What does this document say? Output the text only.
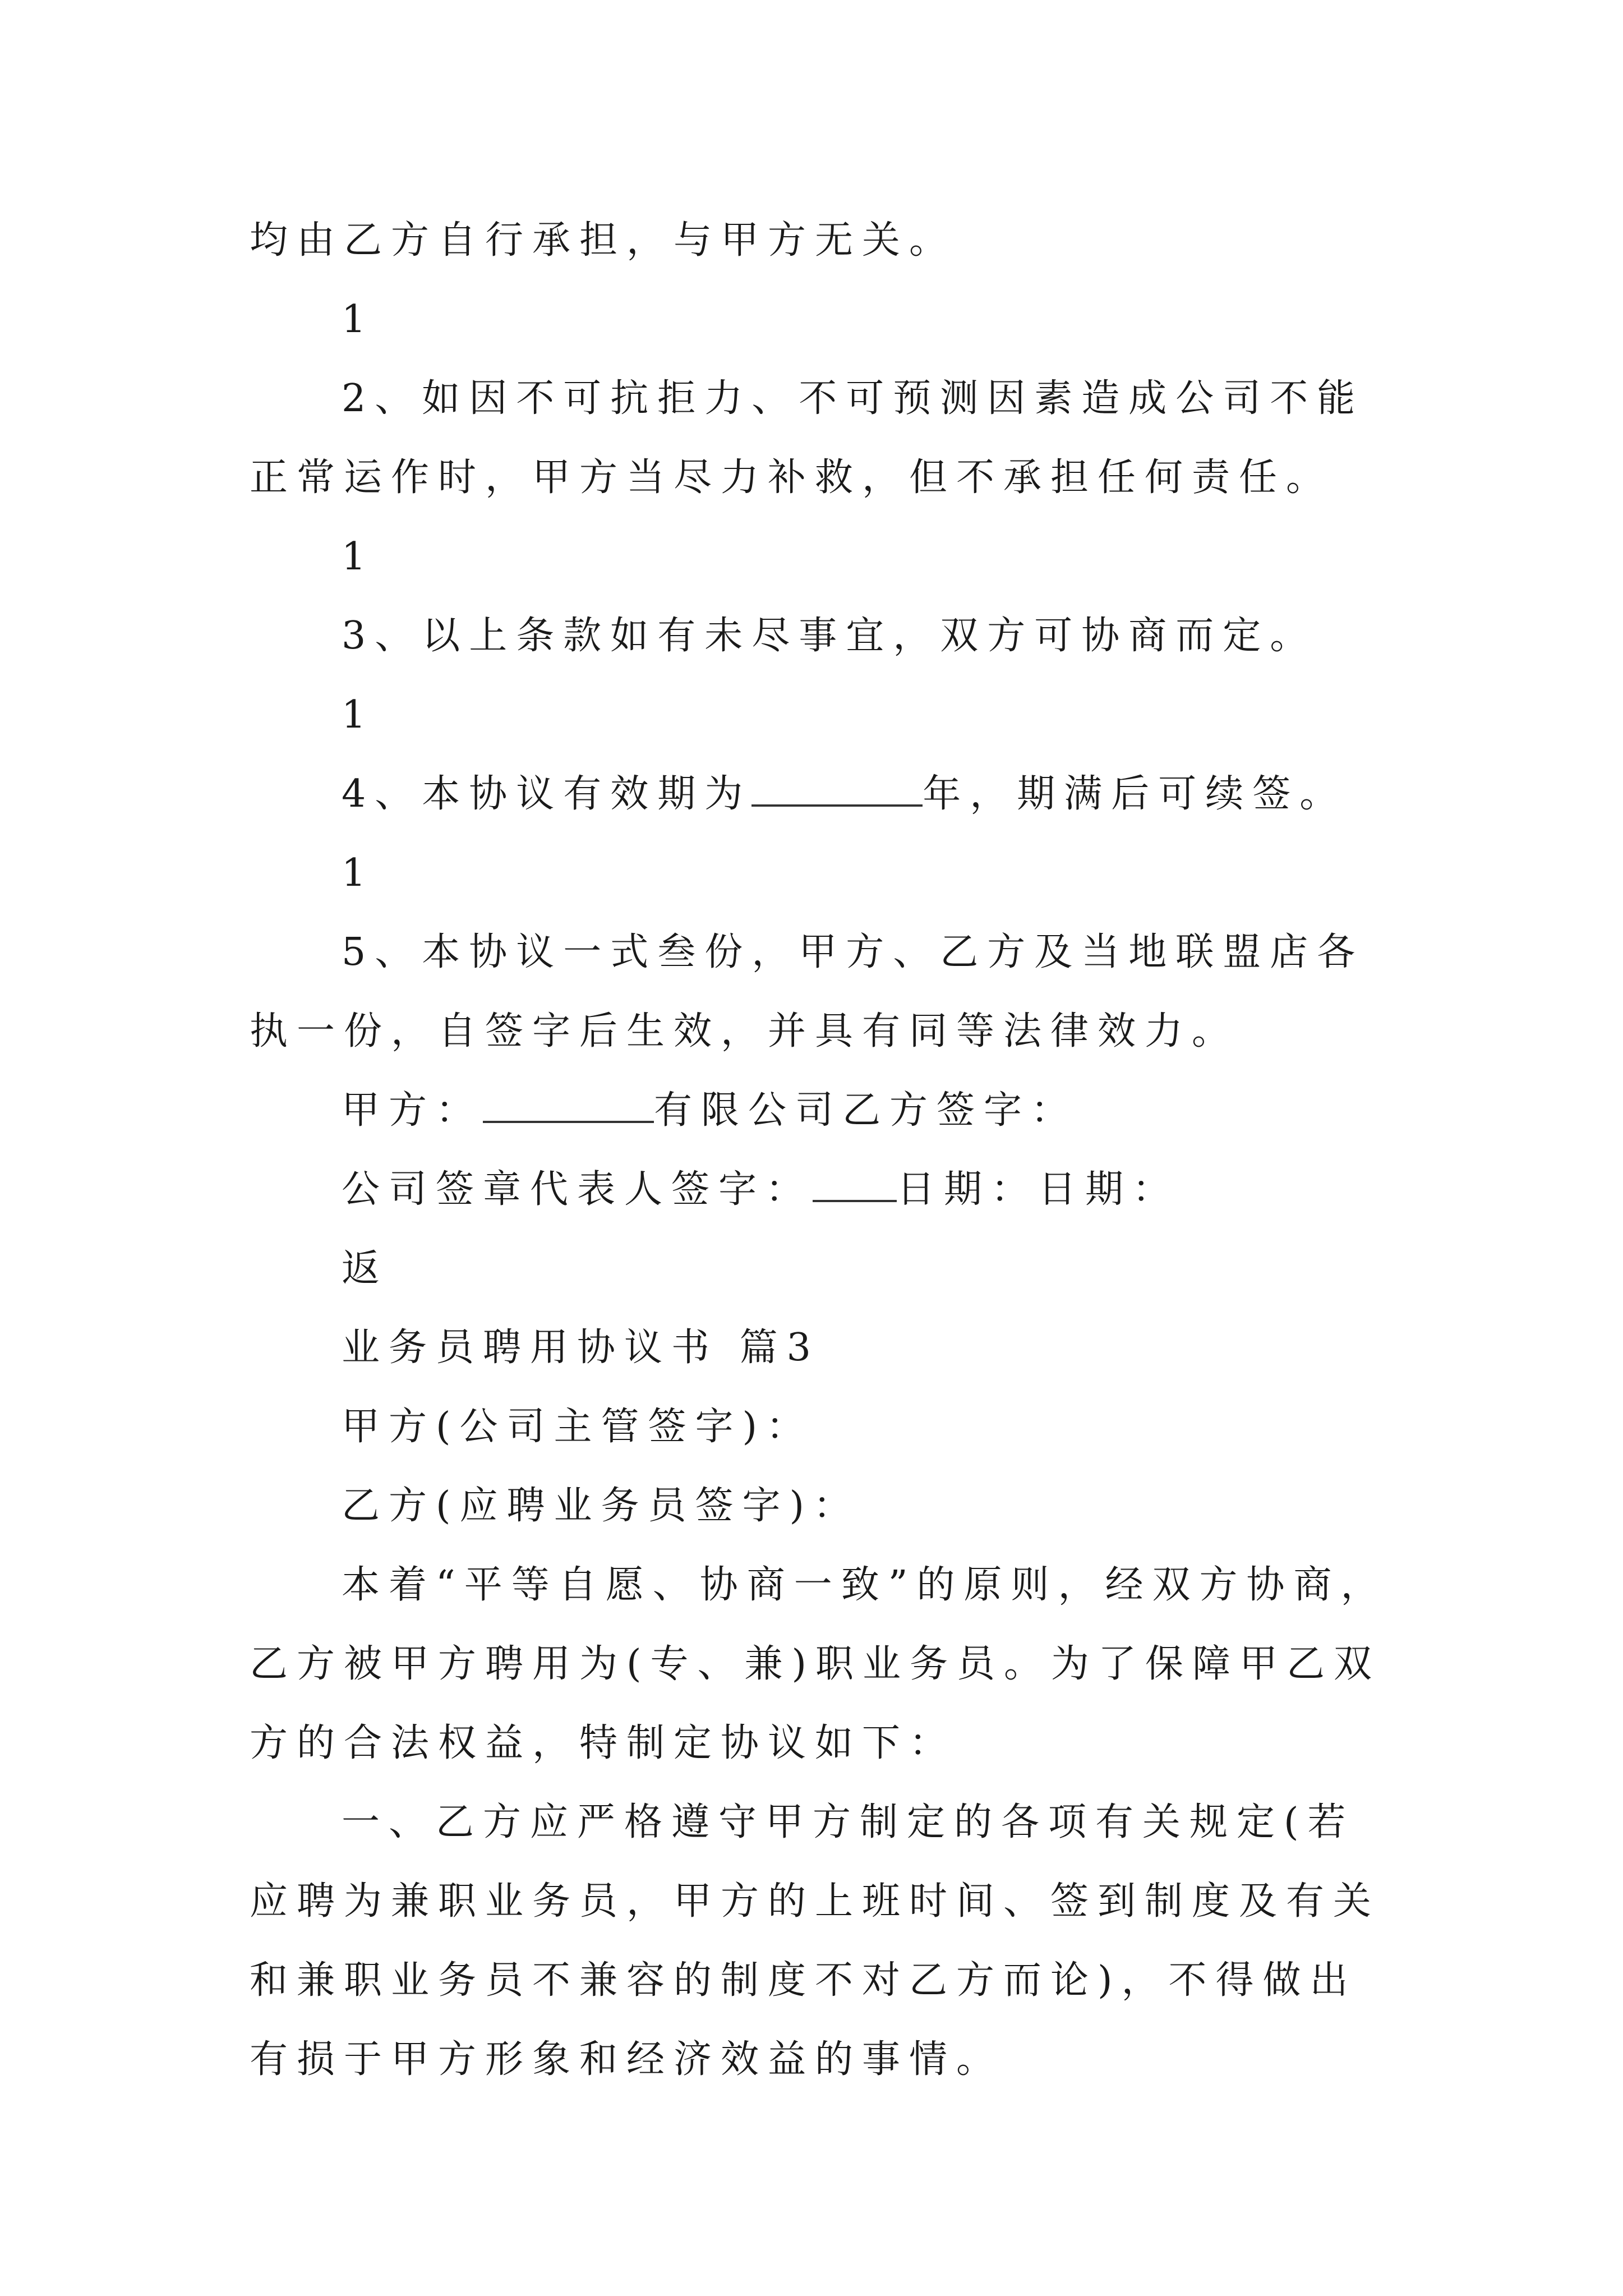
均由乙方自行承担，与甲方无关。

1

2、如因不可抗拒力、不可预测因素造成公司不能正常运作时，甲方当尽力补救，但不承担任何责任。

1

3、以上条款如有未尽事宜，双方可协商而定。

1

4、本协议有效期为	年，期满后可续签。

1

5、本协议一式叁份，甲方、乙方及当地联盟店各执一份，自签字后生效，并具有同等法律效力。

甲方：	有限公司乙方签字：

公司签章代表人签字： 日期：日期：

返

业务员聘用协议书 篇3

甲方(公司主管签字)：

乙方(应聘业务员签字)：

本着“平等自愿、协商一致”的原则，经双方协商，乙方被甲方聘用为(专、兼)职业务员。为了保障甲乙双方的合法权益，特制定协议如下：

一、乙方应严格遵守甲方制定的各项有关规定(若应聘为兼职业务员，甲方的上班时间、签到制度及有关和兼职业务员不兼容的制度不对乙方而论)，不得做出有损于甲方形象和经济效益的事情。
